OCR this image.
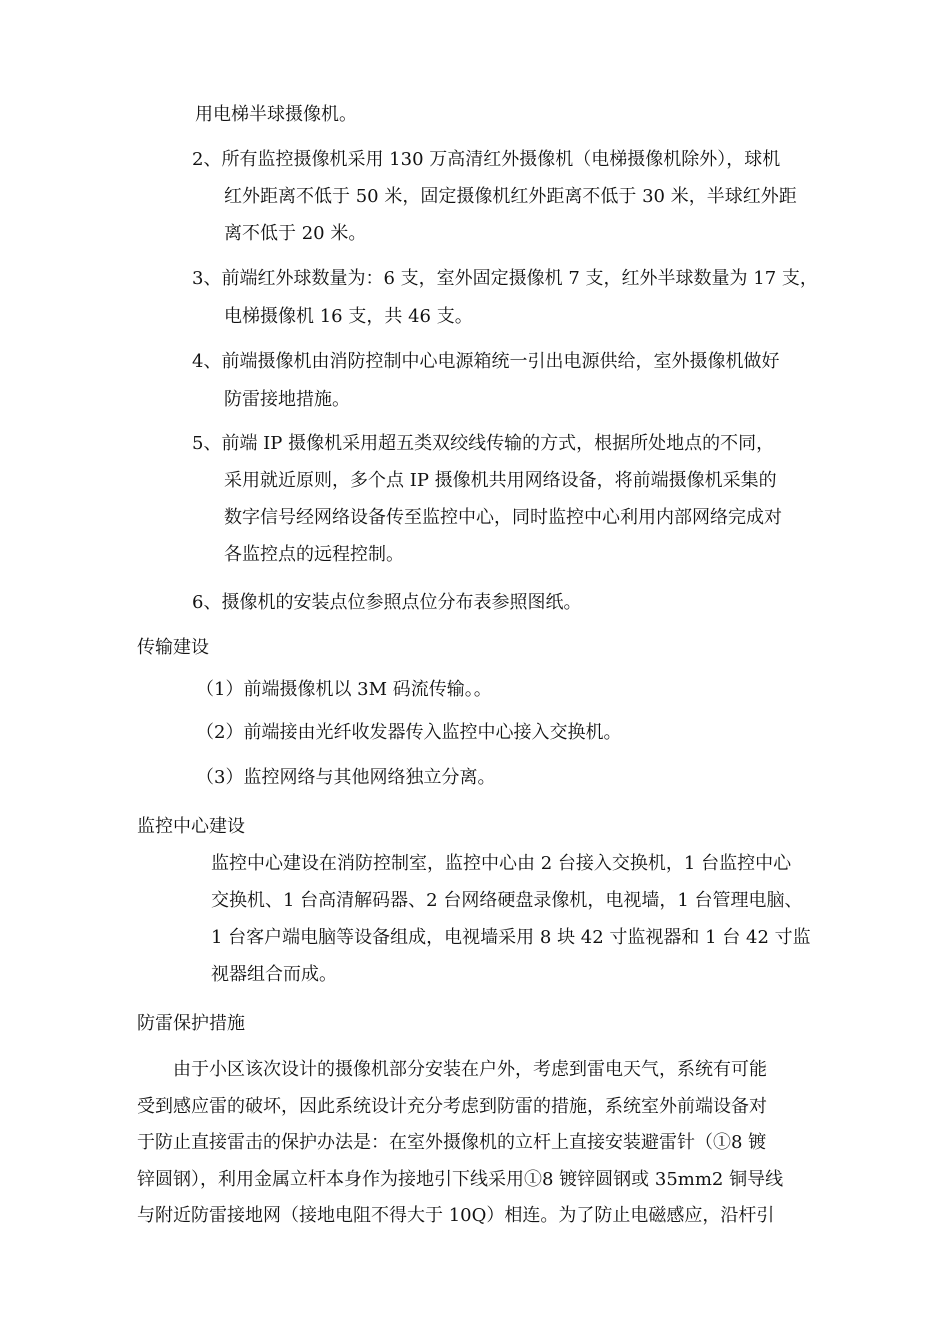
用电梯半球摄像机。
2、所有监控摄像机采用 130 万高清红外摄像机（电梯摄像机除外），球机
红外距离不低于 50 米，固定摄像机红外距离不低于 30 米，半球红外距
离不低于 20 米。
3、前端红外球数量为：6 支，室外固定摄像机 7 支，红外半球数量为 17 支，
电梯摄像机 16 支，共 46 支。
4、前端摄像机由消防控制中心电源箱统一引出电源供给，室外摄像机做好
防雷接地措施。
5、前端 IP 摄像机采用超五类双绞线传输的方式，根据所处地点的不同，
采用就近原则，多个点 IP 摄像机共用网络设备，将前端摄像机采集的
数字信号经网络设备传至监控中心，同时监控中心利用内部网络完成对
各监控点的远程控制。
6、摄像机的安装点位参照点位分布表参照图纸。
传输建设
（1）前端摄像机以 3M 码流传输。。
（2）前端接由光纤收发器传入监控中心接入交换机。
（3）监控网络与其他网络独立分离。
监控中心建设
监控中心建设在消防控制室，监控中心由 2 台接入交换机，1 台监控中心
交换机、1 台高清解码器、2 台网络硬盘录像机，电视墙，1 台管理电脑、
1 台客户端电脑等设备组成，电视墙采用 8 块 42 寸监视器和 1 台 42 寸监
视器组合而成。
防雷保护措施
由于小区该次设计的摄像机部分安装在户外，考虑到雷电天气，系统有可能
受到感应雷的破坏，因此系统设计充分考虑到防雷的措施，系统室外前端设备对
于防止直接雷击的保护办法是：在室外摄像机的立杆上直接安装避雷针（①8 镀
锌圆钢），利用金属立杆本身作为接地引下线采用①8 镀锌圆钢或 35mm2 铜导线
与附近防雷接地网（接地电阻不得大于 10Q）相连。为了防止电磁感应，沿杆引
